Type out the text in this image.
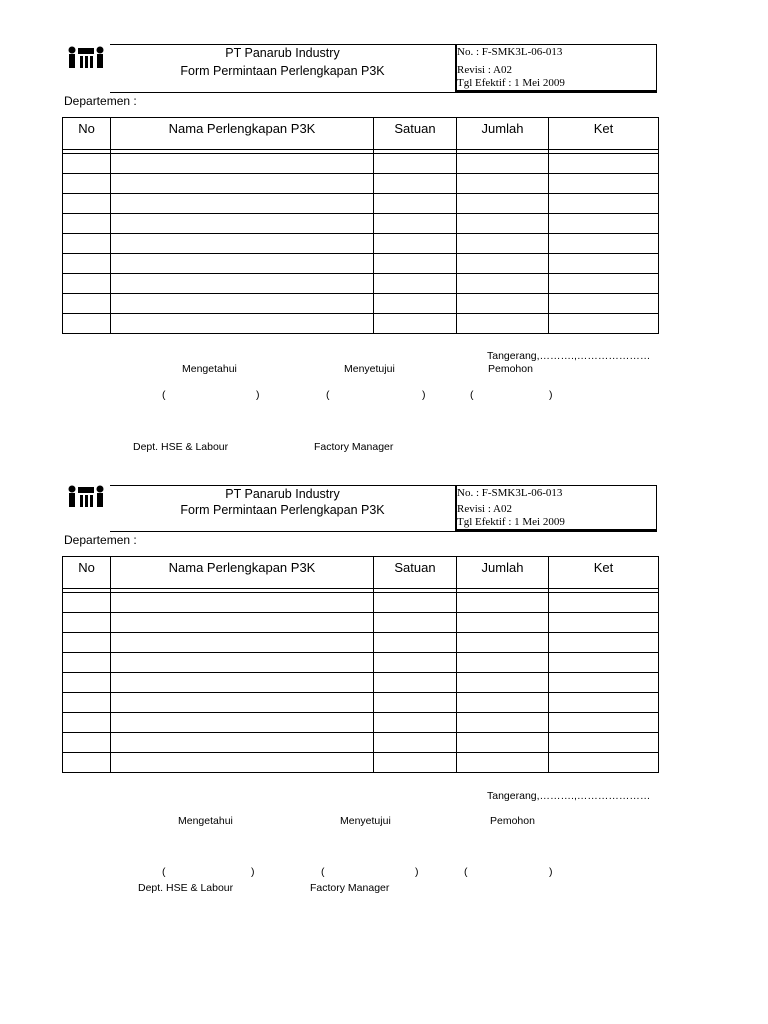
PT Panarub Industry
Form Permintaan Perlengkapan P3K
No. : F-SMK3L-06-013
Revisi : A02
Tgl Efektif : 1 Mei 2009
Departemen :
No	Nama Perlengkapan P3K	Satuan	Jumlah	Ket

Tangerang,……….,…………………
Mengetahui	Menyetujui	Pemohon
(	)	(	)	(	)
Dept. HSE & Labour	Factory Manager
PT Panarub Industry
Form Permintaan Perlengkapan P3K
No. : F-SMK3L-06-013
Revisi : A02
Tgl Efektif : 1 Mei 2009
Departemen :
No	Nama Perlengkapan P3K	Satuan	Jumlah	Ket

Tangerang,……….,…………………
Mengetahui	Menyetujui	Pemohon
(	)	(	)	(	)
Dept. HSE & Labour	Factory Manager
